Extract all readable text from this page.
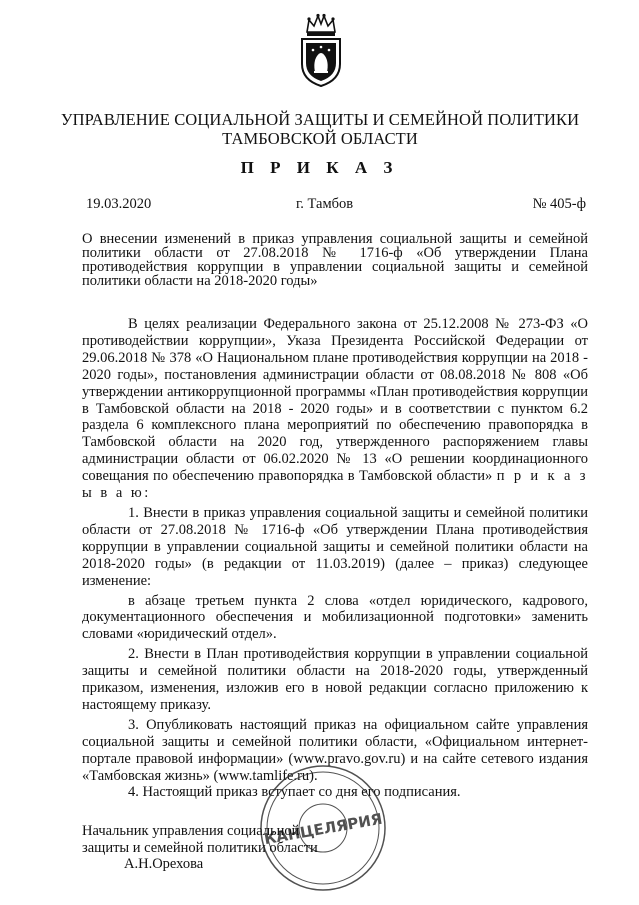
УПРАВЛЕНИЕ СОЦИАЛЬНОЙ ЗАЩИТЫ И СЕМЕЙНОЙ ПОЛИТИКИ
ТАМБОВСКОЙ ОБЛАСТИ
П Р И К А З
19.03.2020	г. Тамбов	№ 405-ф
О внесении изменений в приказ управления социальной защиты и семейной политики области от 27.08.2018 № 1716-ф «Об утверждении Плана противодействия коррупции в управлении социальной защиты и семейной политики области на 2018-2020 годы»

В целях реализации Федерального закона от 25.12.2008 № 273-ФЗ «О противодействии коррупции», Указа Президента Российской Федерации от 29.06.2018 № 378 «О Национальном плане противодействия коррупции на 2018 - 2020 годы», постановления администрации области от 08.08.2018 № 808 «Об утверждении антикоррупционной программы «План противодействия коррупции в Тамбовской области на 2018 - 2020 годы» и в соответствии с пунктом 6.2 раздела 6 комплексного плана мероприятий по обеспечению правопорядка в Тамбовской области на 2020 год, утвержденного распоряжением главы администрации области от 06.02.2020 № 13 «О решении координационного совещания по обеспечению правопорядка в Тамбовской области» п р и к а з ы в а ю:

1. Внести в приказ управления социальной защиты и семейной политики области от 27.08.2018 № 1716-ф «Об утверждении Плана противодействия коррупции в управлении социальной защиты и семейной политики области на 2018-2020 годы» (в редакции от 11.03.2019) (далее – приказ) следующее изменение:

в абзаце третьем пункта 2 слова «отдел юридического, кадрового, документационного обеспечения и мобилизационной подготовки» заменить словами «юридический отдел».

2. Внести в План противодействия коррупции в управлении социальной защиты и семейной политики области на 2018-2020 годы, утвержденный приказом, изменения, изложив его в новой редакции согласно приложению к настоящему приказу.

3. Опубликовать настоящий приказ на официальном сайте управления социальной защиты и семейной политики области, «Официальном интернет-портале правовой информации» (www.pravo.gov.ru) и на сайте сетевого издания «Тамбовская жизнь» (www.tamlife.ru).

4. Настоящий приказ вступает со дня его подписания.

КАНЦЕЛЯРИЯ
Начальник управления социальной
защиты и семейной политики области
А.Н.Орехова
